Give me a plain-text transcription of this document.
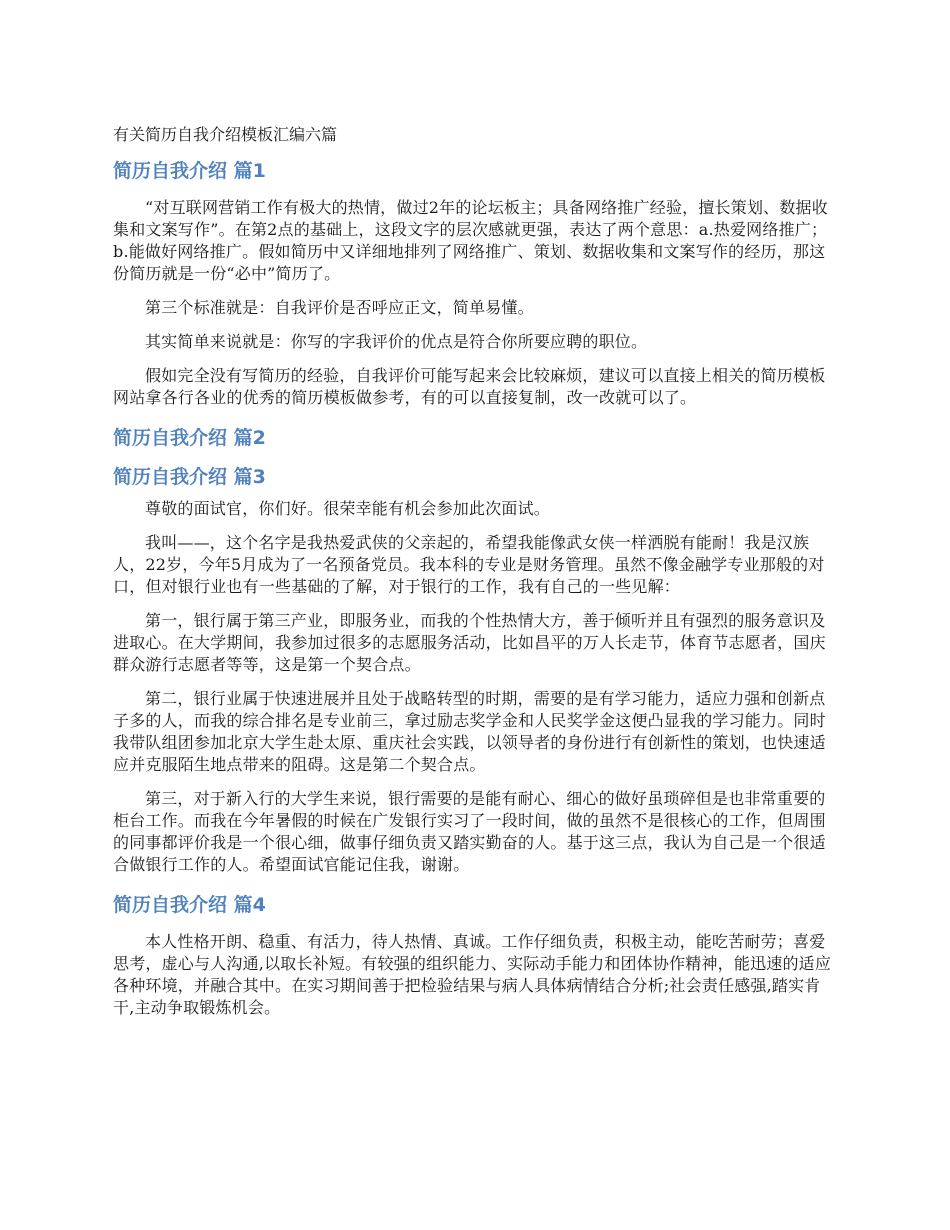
有关简历自我介绍模板汇编六篇
简历自我介绍 篇1

“对互联网营销工作有极大的热情，做过2年的论坛板主；具备网络推广经验，擅长策划、数据收集和文案写作”。在第2点的基础上，这段文字的层次感就更强，表达了两个意思：a.热爱网络推广；b.能做好网络推广。假如简历中又详细地排列了网络推广、策划、数据收集和文案写作的经历，那这份简历就是一份“必中”简历了。

第三个标准就是：自我评价是否呼应正文，简单易懂。

其实简单来说就是：你写的字我评价的优点是符合你所要应聘的职位。

假如完全没有写简历的经验，自我评价可能写起来会比较麻烦，建议可以直接上相关的简历模板网站拿各行各业的优秀的简历模板做参考，有的可以直接复制，改一改就可以了。

简历自我介绍 篇2
简历自我介绍 篇3

尊敬的面试官，你们好。很荣幸能有机会参加此次面试。

我叫——，这个名字是我热爱武侠的父亲起的，希望我能像武女侠一样洒脱有能耐！我是汉族人，22岁，今年5月成为了一名预备党员。我本科的专业是财务管理。虽然不像金融学专业那般的对口，但对银行业也有一些基础的了解，对于银行的工作，我有自己的一些见解：

第一，银行属于第三产业，即服务业，而我的个性热情大方，善于倾听并且有强烈的服务意识及进取心。在大学期间，我参加过很多的志愿服务活动，比如昌平的万人长走节，体育节志愿者，国庆群众游行志愿者等等，这是第一个契合点。

第二，银行业属于快速进展并且处于战略转型的时期，需要的是有学习能力，适应力强和创新点子多的人，而我的综合排名是专业前三，拿过励志奖学金和人民奖学金这便凸显我的学习能力。同时我带队组团参加北京大学生赴太原、重庆社会实践，以领导者的身份进行有创新性的策划，也快速适应并克服陌生地点带来的阻碍。这是第二个契合点。

第三，对于新入行的大学生来说，银行需要的是能有耐心、细心的做好虽琐碎但是也非常重要的柜台工作。而我在今年暑假的时候在广发银行实习了一段时间，做的虽然不是很核心的工作，但周围的同事都评价我是一个很心细，做事仔细负责又踏实勤奋的人。基于这三点，我认为自己是一个很适合做银行工作的人。希望面试官能记住我，谢谢。

简历自我介绍 篇4

本人性格开朗、稳重、有活力，待人热情、真诚。工作仔细负责，积极主动，能吃苦耐劳；喜爱思考，虚心与人沟通,以取长补短。有较强的组织能力、实际动手能力和团体协作精神，能迅速的适应各种环境，并融合其中。在实习期间善于把检验结果与病人具体病情结合分析;社会责任感强,踏实肯干,主动争取锻炼机会。
